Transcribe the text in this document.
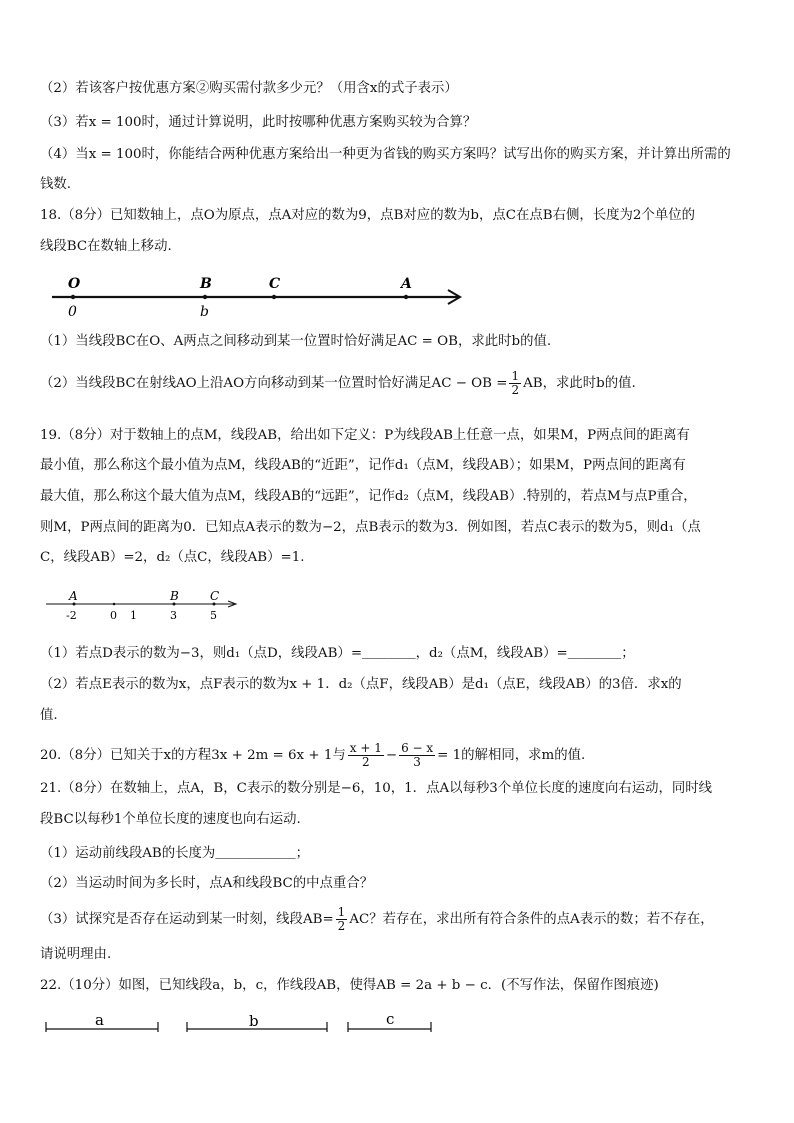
（2）若该客户按优惠方案②购买需付款多少元？（用含x的式子表示）
（3）若x = 100时，通过计算说明，此时按哪种优惠方案购买较为合算？
（4）当x = 100时，你能结合两种优惠方案给出一种更为省钱的购买方案吗？试写出你的购买方案，并计算出所需的
钱数.
18.（8分）已知数轴上，点O为原点，点A对应的数为9，点B对应的数为b，点C在点B右侧，长度为2个单位的
线段BC在数轴上移动.
O	B	C	A
0	b
（1）当线段BC在O、A两点之间移动到某一位置时恰好满足AC = OB，求此时b的值.
（2）当线段BC在射线AO上沿AO方向移动到某一位置时恰好满足AC − OB = $\frac{1}{2}$ AB，求此时b的值.
19.（8分）对于数轴上的点M，线段AB，给出如下定义：P为线段AB上任意一点，如果M，P两点间的距离有
最小值，那么称这个最小值为点M，线段AB的“近距”，记作d₁（点M，线段AB）；如果M，P两点间的距离有
最大值，那么称这个最大值为点M，线段AB的“远距”，记作d₂（点M，线段AB）.特别的，若点M与点P重合，
则M，P两点间的距离为0．已知点A表示的数为−2，点B表示的数为3．例如图，若点C表示的数为5，则d₁（点
C，线段AB）=2，d₂（点C，线段AB）=1.
A	B	C
-2	0 1	3	5
（1）若点D表示的数为−3，则d₁（点D，线段AB）=＿＿＿＿，d₂（点M，线段AB）=＿＿＿＿；
（2）若点E表示的数为x，点F表示的数为x + 1．d₂（点F，线段AB）是d₁（点E，线段AB）的3倍．求x的
值.
20.（8分）已知关于x的方程3x + 2m = 6x + 1与 $\frac{x + 1}{2} - \frac{6 - x}{3} = 1$的解相同，求m的值.
21.（8分）在数轴上，点A，B，C表示的数分别是−6，10，1．点A以每秒3个单位长度的速度向右运动，同时线
段BC以每秒1个单位长度的速度也向右运动.
（1）运动前线段AB的长度为＿＿＿＿＿＿；
（2）当运动时间为多长时，点A和线段BC的中点重合？
（3）试探究是否存在运动到某一时刻，线段$AB= \frac{1}{2}$ AC？若存在，求出所有符合条件的点A表示的数；若不存在，
请说明理由.
22.（10分）如图，已知线段a，b，c，作线段AB，使得AB = 2a + b − c．(不写作法，保留作图痕迹)
a	b	c
